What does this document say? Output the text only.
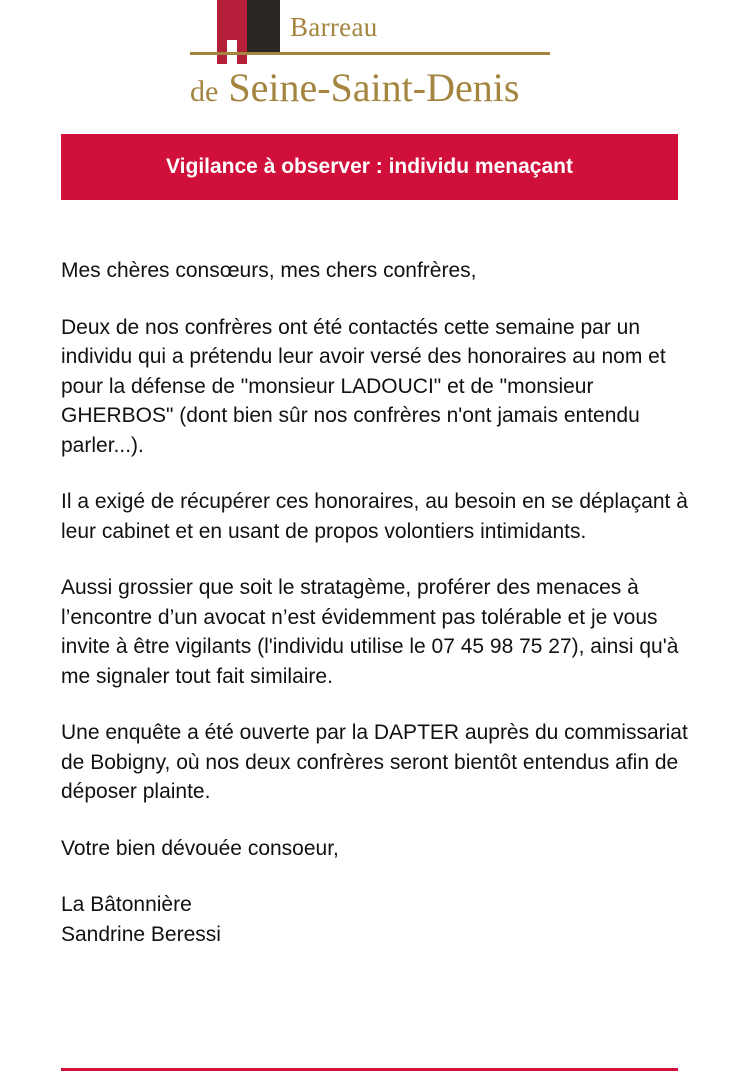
Barreau
de Seine-Saint-Denis
Vigilance à observer : individu menaçant

Mes chères consœurs, mes chers confrères,

Deux de nos confrères ont été contactés cette semaine par un individu qui a prétendu leur avoir versé des honoraires au nom et pour la défense de "monsieur LADOUCI" et de "monsieur GHERBOS" (dont bien sûr nos confrères n'ont jamais entendu parler...).

Il a exigé de récupérer ces honoraires, au besoin en se déplaçant à leur cabinet et en usant de propos volontiers intimidants.

Aussi grossier que soit le stratagème, proférer des menaces à l’encontre d’un avocat n’est évidemment pas tolérable et je vous invite à être vigilants (l'individu utilise le 07 45 98 75 27), ainsi qu'à me signaler tout fait similaire.

Une enquête a été ouverte par la DAPTER auprès du commissariat de Bobigny, où nos deux confrères seront bientôt entendus afin de déposer plainte.

Votre bien dévouée consoeur,

La Bâtonnière

Sandrine Beressi
